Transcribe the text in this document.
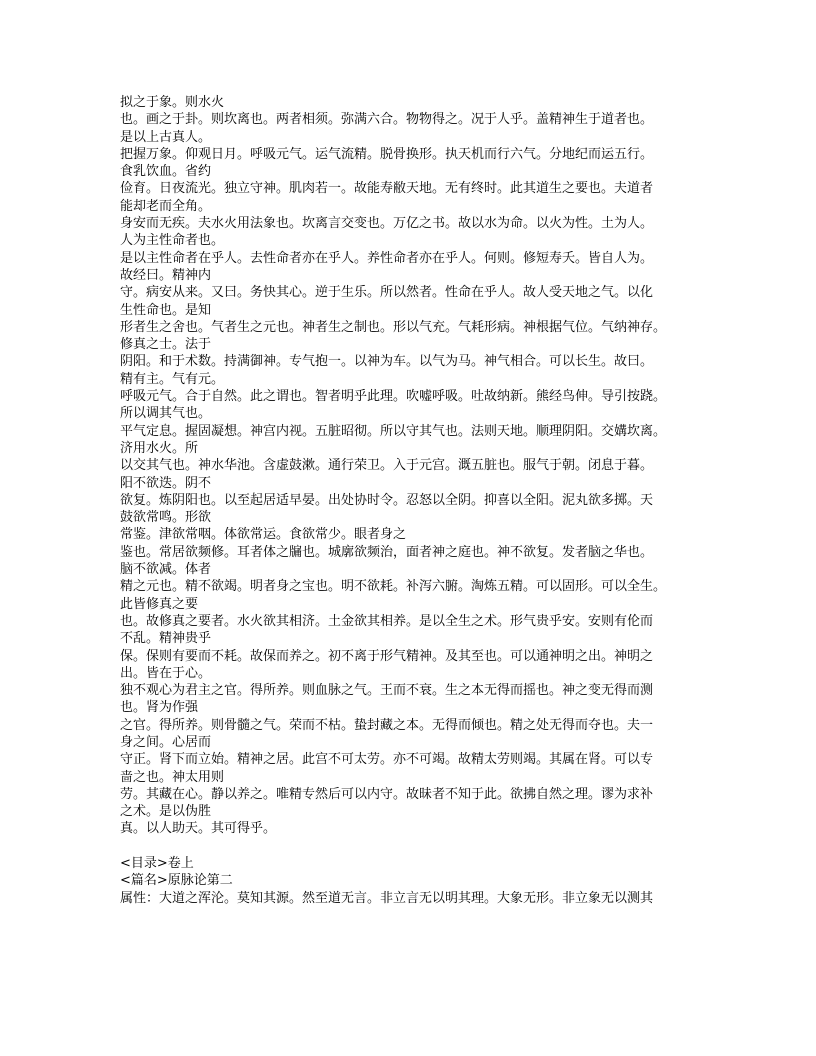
拟之于象。则水火
也。画之于卦。则坎离也。两者相须。弥满六合。物物得之。况于人乎。盖精神生于道者也。
是以上古真人。
把握万象。仰观日月。呼吸元气。运气流精。脱骨换形。执天机而行六气。分地纪而运五行。
食乳饮血。省约
俭育。日夜流光。独立守神。肌肉若一。故能寿敝天地。无有终时。此其道生之要也。夫道者
能却老而全角。
身安而无疾。夫水火用法象也。坎离言交变也。万亿之书。故以水为命。以火为性。土为人。
人为主性命者也。
是以主性命者在乎人。去性命者亦在乎人。养性命者亦在乎人。何则。修短寿夭。皆自人为。
故经曰。精神内
守。病安从来。又曰。务快其心。逆于生乐。所以然者。性命在乎人。故人受天地之气。以化
生性命也。是知
形者生之舍也。气者生之元也。神者生之制也。形以气充。气耗形病。神根据气位。气纳神存。
修真之士。法于
阴阳。和于术数。持满御神。专气抱一。以神为车。以气为马。神气相合。可以长生。故曰。
精有主。气有元。
呼吸元气。合于自然。此之谓也。智者明乎此理。吹嘘呼吸。吐故纳新。熊经鸟伸。导引按跷。
所以调其气也。
平气定息。握固凝想。神宫内视。五脏昭彻。所以守其气也。法则天地。顺理阴阳。交媾坎离。
济用水火。所
以交其气也。神水华池。含虚鼓漱。通行荣卫。入于元宫。溉五脏也。服气于朝。闭息于暮。
阳不欲迭。阴不
欲复。炼阴阳也。以至起居适早晏。出处协时令。忍怒以全阴。抑喜以全阳。泥丸欲多掷。天
鼓欲常鸣。形欲
常鉴。津欲常咽。体欲常运。食欲常少。眼者身之
鉴也。常居欲频修。耳者体之牖也。城廓欲频治，面者神之庭也。神不欲复。发者脑之华也。
脑不欲减。体者
精之元也。精不欲竭。明者身之宝也。明不欲耗。补泻六腑。淘炼五精。可以固形。可以全生。
此皆修真之要
也。故修真之要者。水火欲其相济。土金欲其相养。是以全生之术。形气贵乎安。安则有伦而
不乱。精神贵乎
保。保则有要而不耗。故保而养之。初不离于形气精神。及其至也。可以通神明之出。神明之
出。皆在于心。
独不观心为君主之官。得所养。则血脉之气。王而不衰。生之本无得而摇也。神之变无得而测
也。肾为作强
之官。得所养。则骨髓之气。荣而不枯。蛰封藏之本。无得而倾也。精之处无得而夺也。夫一
身之间。心居而
守正。肾下而立始。精神之居。此宫不可太劳。亦不可竭。故精太劳则竭。其属在肾。可以专
啬之也。神太用则
劳。其藏在心。静以养之。唯精专然后可以内守。故昧者不知于此。欲拂自然之理。谬为求补
之术。是以伪胜
真。以人助天。其可得乎。
<目录>卷上
<篇名>原脉论第二
属性：大道之浑沦。莫知其源。然至道无言。非立言无以明其理。大象无形。非立象无以测其
